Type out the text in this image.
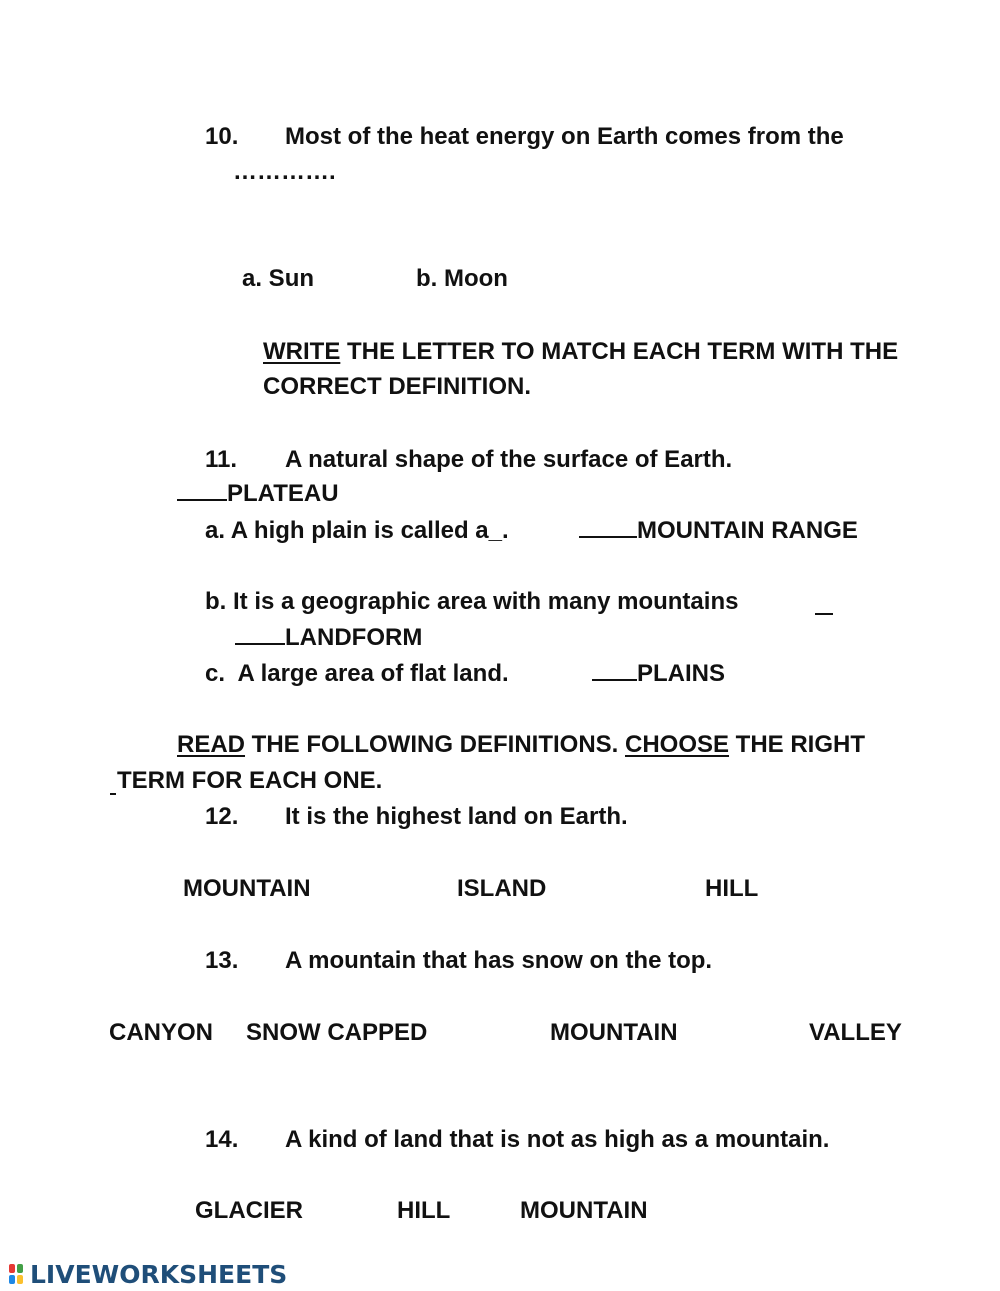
10. Most of the heat energy on Earth comes from the
………….
a. Sun	b. Moon
WRITE THE LETTER TO MATCH EACH TERM WITH THE
CORRECT DEFINITION.
11. A natural shape of the surface of Earth.
PLATEAU
a. A high plain is called a_.	MOUNTAIN RANGE
b. It is a geographic area with many mountains
LANDFORM
c.  A large area of flat land.	PLAINS
READ THE FOLLOWING DEFINITIONS. CHOOSE THE RIGHT
TERM FOR EACH ONE.
12. It is the highest land on Earth.
MOUNTAIN	ISLAND	HILL
13. A mountain that has snow on the top.
CANYON SNOW CAPPED	MOUNTAIN	VALLEY
14. A kind of land that is not as high as a mountain.
GLACIER	HILL	MOUNTAIN
LIVEWORKSHEETS
